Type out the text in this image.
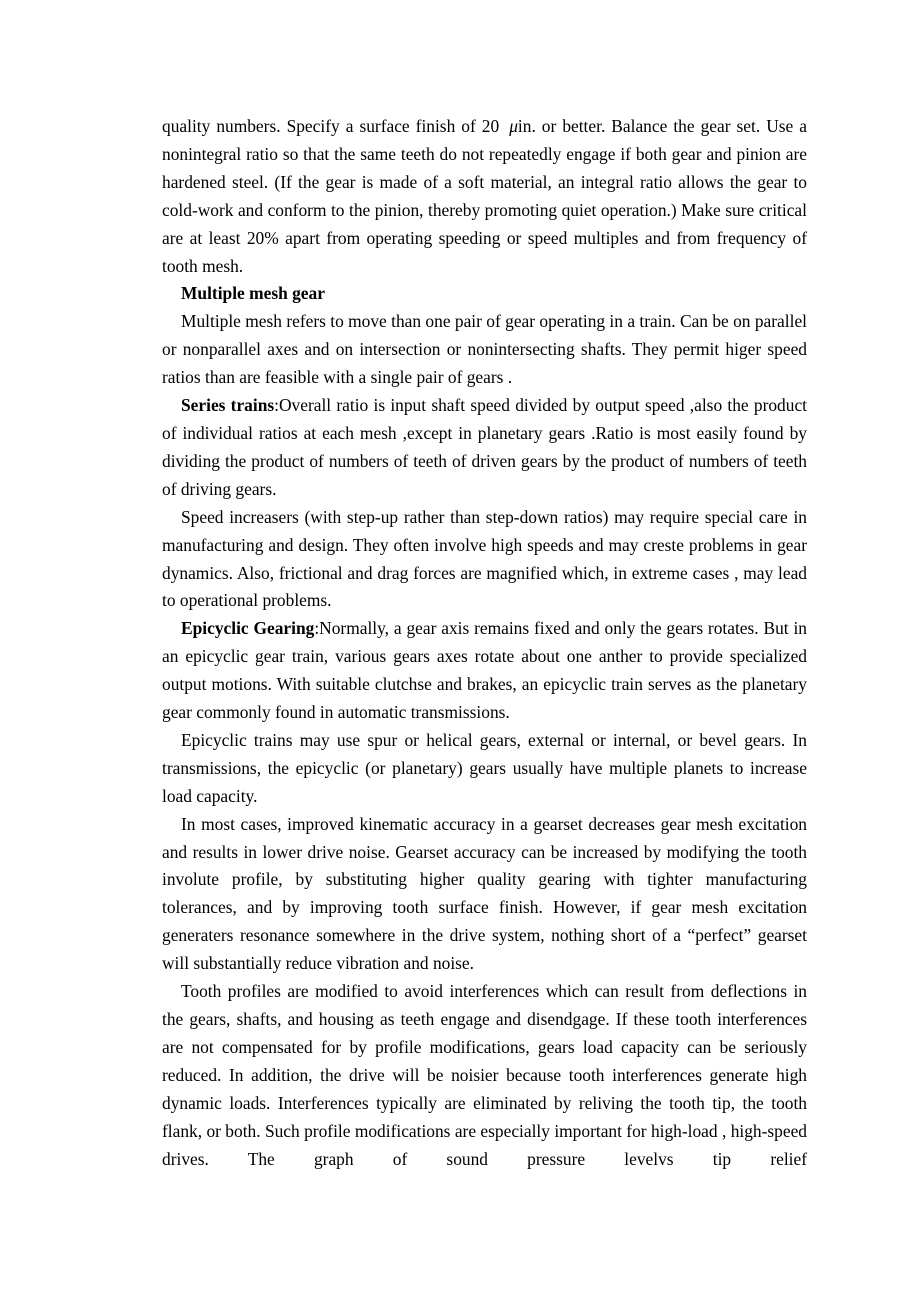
quality numbers. Specify a surface finish of 20 μin. or better. Balance the gear set. Use a nonintegral ratio so that the same teeth do not repeatedly engage if both gear and pinion are hardened steel. (If the gear is made of a soft material, an integral ratio allows the gear to cold-work and conform to the pinion, thereby promoting quiet operation.) Make sure critical are at least 20% apart from operating speeding or speed multiples and from frequency of tooth mesh.

Multiple mesh gear

Multiple mesh refers to move than one pair of gear operating in a train. Can be on parallel or nonparallel axes and on intersection or nonintersecting shafts. They permit higer speed ratios than are feasible with a single pair of gears .

Series trains:Overall ratio is input shaft speed divided by output speed ,also the product of individual ratios at each mesh ,except in planetary gears .Ratio is most easily found by dividing the product of numbers of teeth of driven gears by the product of numbers of teeth of driving gears.

Speed increasers (with step-up rather than step-down ratios) may require special care in manufacturing and design. They often involve high speeds and may creste problems in gear dynamics. Also, frictional and drag forces are magnified which, in extreme cases , may lead to operational problems.

Epicyclic Gearing:Normally, a gear axis remains fixed and only the gears rotates. But in an epicyclic gear train, various gears axes rotate about one anther to provide specialized output motions. With suitable clutchse and brakes, an epicyclic train serves as the planetary gear commonly found in automatic transmissions.

Epicyclic trains may use spur or helical gears, external or internal, or bevel gears. In transmissions, the epicyclic (or planetary) gears usually have multiple planets to increase load capacity.

In most cases, improved kinematic accuracy in a gearset decreases gear mesh excitation and results in lower drive noise. Gearset accuracy can be increased by modifying the tooth involute profile, by substituting higher quality gearing with tighter manufacturing tolerances, and by improving tooth surface finish. However, if gear mesh excitation generaters resonance somewhere in the drive system, nothing short of a “perfect” gearset will substantially reduce vibration and noise.

Tooth profiles are modified to avoid interferences which can result from deflections in the gears, shafts, and housing as teeth engage and disendgage. If these tooth interferences are not compensated for by profile modifications, gears load capacity can be seriously reduced. In addition, the drive will be noisier because tooth interferences generate high dynamic loads. Interferences typically are eliminated by reliving the tooth tip, the tooth flank, or both. Such profile modifications are especially important for high-load , high-speed drives. The graph of sound pressure levelvs tip relief
